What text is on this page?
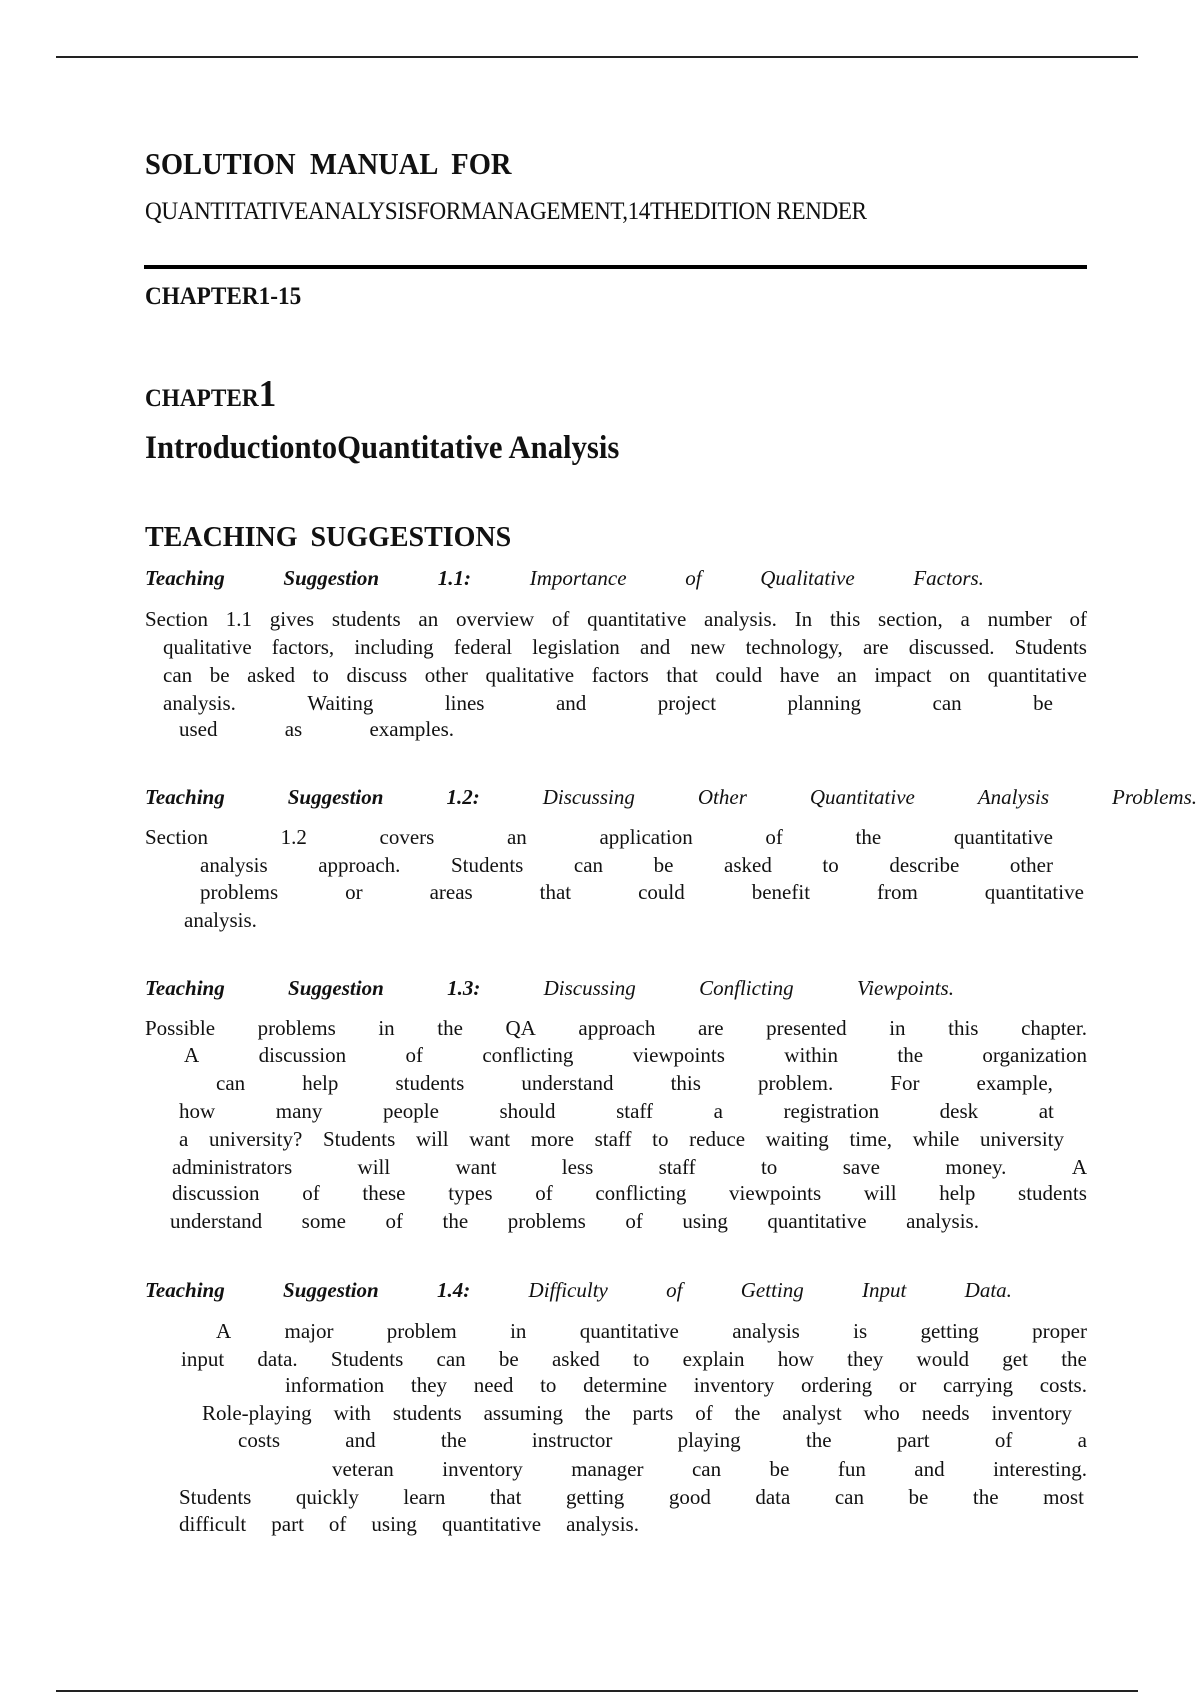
SOLUTION MANUAL FOR
QUANTITATIVEANALYSISFORMANAGEMENT,14THEDITION RENDER
CHAPTER1-15
CHAPTER1
IntroductiontoQuantitative Analysis
TEACHING SUGGESTIONS
Teaching	Suggestion	1.1:	Importance	of	Qualitative	Factors.
Section 1.1 gives students an overview of quantitative analysis. In this section, a number of
qualitative factors, including federal legislation and new technology, are discussed. Students
can be asked to discuss other qualitative factors that could have an impact on quantitative
analysis.	Waiting	lines	and	project	planning	can	be
used	as	examples.
Teaching	Suggestion	1.2:	Discussing	Other	Quantitative	Analysis	Problems.
Section	1.2	covers	an	application	of	the	quantitative
analysis approach. Students can be asked to describe other
problems	or	areas	that	could	benefit	from	quantitative
analysis.
Teaching	Suggestion	1.3:	Discussing	Conflicting	Viewpoints.
Possible problems in the QA approach are presented in this chapter.
A	discussion	of	conflicting	viewpoints	within	the	organization
can	help	students	understand	this	problem.	For	example,
how	many	people	should	staff	a	registration	desk	at
a university? Students will want more staff to reduce waiting time, while university
administrators	will	want	less	staff	to	save	money.	A
discussion of these types of conflicting viewpoints will help students
understand some of the problems of using quantitative analysis.
Teaching	Suggestion	1.4:	Difficulty	of	Getting	Input	Data.
A	major	problem	in	quantitative	analysis	is	getting	proper
input data. Students can be asked to explain how they would get the
information they need to determine inventory ordering or carrying costs.
Role-playing with students assuming the parts of the analyst who needs inventory
costs	and	the	instructor	playing	the	part	of	a
veteran inventory manager can be fun and interesting.
Students quickly learn that getting good data can be the most
difficult part of using quantitative analysis.
